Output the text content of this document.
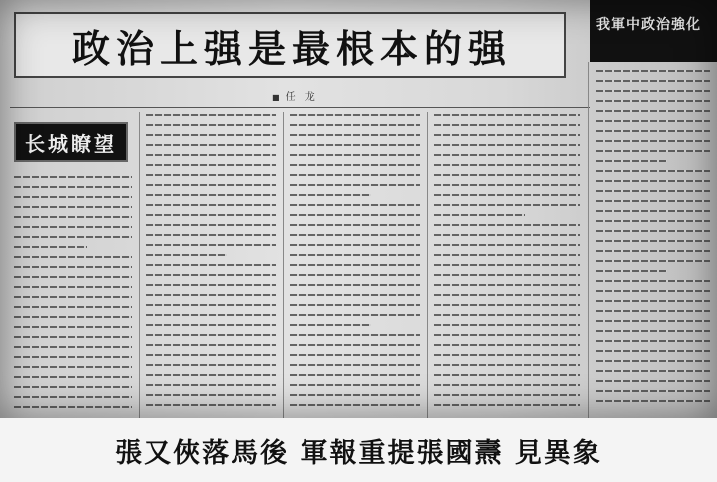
政治上强是最根本的强
■ 任 龙
我軍中政治強化
长城瞭望
張又俠落馬後 軍報重提張國燾 見異象
